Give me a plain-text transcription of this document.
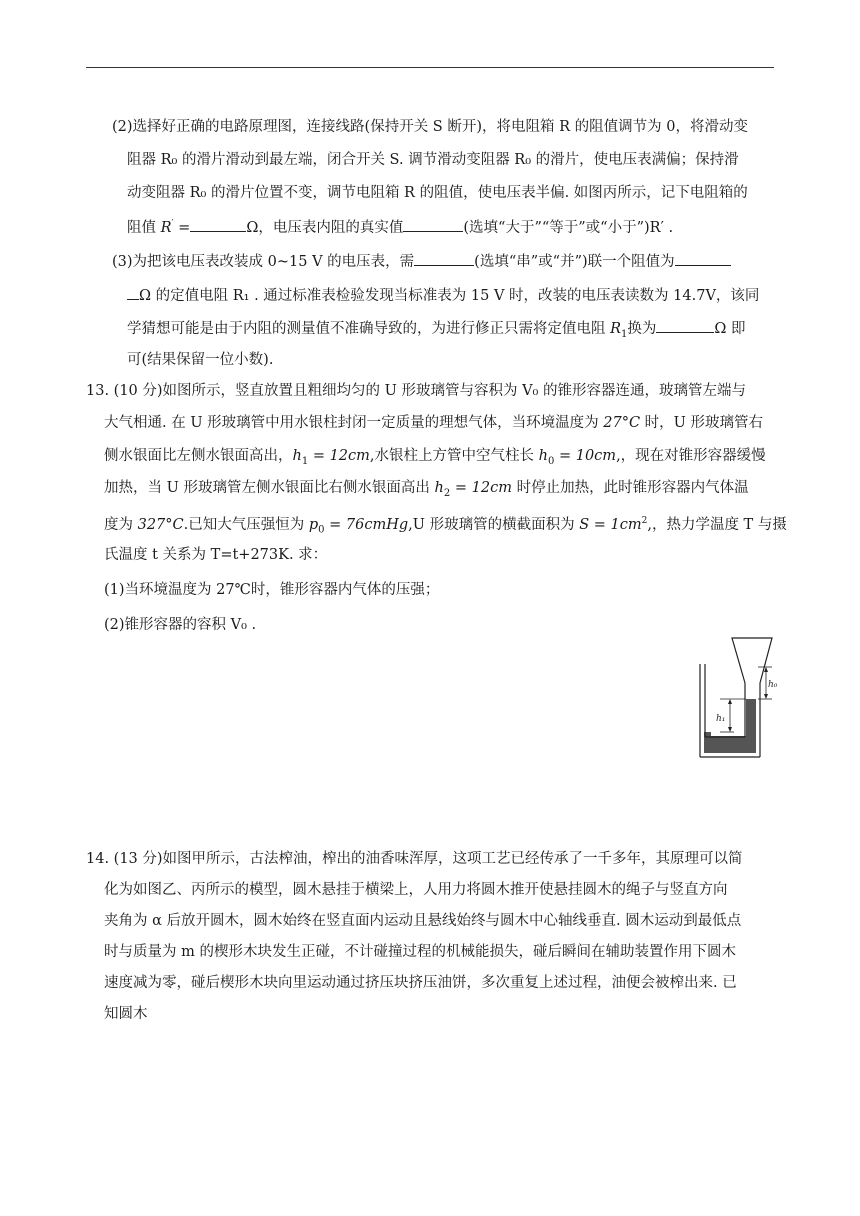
(2)选择好正确的电路原理图，连接线路(保持开关 S 断开)，将电阻箱 R 的阻值调节为 0，将滑动变
阻器 R₀ 的滑片滑动到最左端，闭合开关 S. 调节滑动变阻器 R₀ 的滑片，使电压表满偏；保持滑
动变阻器 R₀ 的滑片位置不变，调节电阻箱 R 的阻值，使电压表半偏. 如图丙所示，记下电阻箱的
阻值 R′ =	Ω，电压表内阻的真实值	(选填“大于”“等于”或“小于”)R′ .
(3)为把该电压表改装成 0~15 V 的电压表，需	(选填“串”或“并”)联一个阻值为
Ω 的定值电阻 R₁ . 通过标准表检验发现当标准表为 15 V 时，改装的电压表读数为 14.7V，该同
学猜想可能是由于内阻的测量值不准确导致的，为进行修正只需将定值电阻 $R_1$换为	Ω 即
可(结果保留一位小数).
13. (10 分)如图所示，竖直放置且粗细均匀的 U 形玻璃管与容积为 V₀ 的锥形容器连通，玻璃管左端与
大气相通. 在 U 形玻璃管中用水银柱封闭一定质量的理想气体，当环境温度为 27°C 时，U 形玻璃管右
侧水银面比左侧水银面高出，$h_1 = 12cm$,水银柱上方管中空气柱长 $h_0 = 10cm$,，现在对锥形容器缓慢
加热，当 U 形玻璃管左侧水银面比右侧水银面高出 $h_2 = 12cm$ 时停止加热，此时锥形容器内气体温
度为 327°C.已知大气压强恒为 $p_0$ = 76cmHg,U 形玻璃管的横截面积为 $S = 1cm^2$,，热力学温度 T 与摄
氏温度 t 关系为 T=t+273K. 求：
(1)当环境温度为 27℃时，锥形容器内气体的压强；
(2)锥形容器的容积 V₀ .
h₀
h₁
14. (13 分)如图甲所示，古法榨油，榨出的油香味浑厚，这项工艺已经传承了一千多年，其原理可以简
化为如图乙、丙所示的模型，圆木悬挂于横梁上，人用力将圆木推开使悬挂圆木的绳子与竖直方向
夹角为 α 后放开圆木，圆木始终在竖直面内运动且悬线始终与圆木中心轴线垂直. 圆木运动到最低点
时与质量为 m 的楔形木块发生正碰，不计碰撞过程的机械能损失，碰后瞬间在辅助装置作用下圆木
速度减为零，碰后楔形木块向里运动通过挤压块挤压油饼，多次重复上述过程，油便会被榨出来. 已
知圆木
